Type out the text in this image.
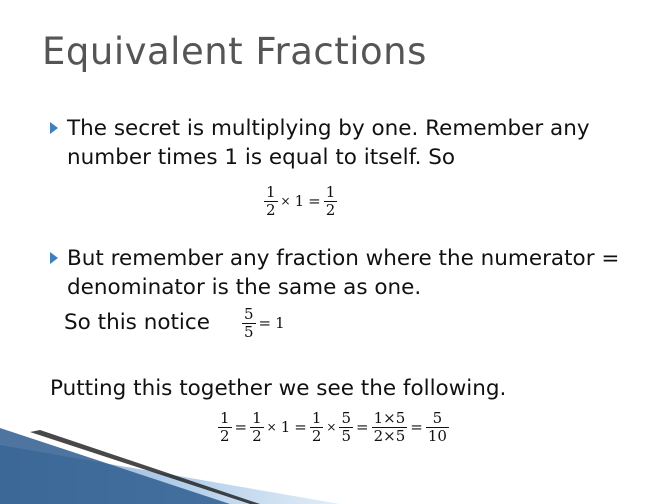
Equivalent Fractions
The secret is multiplying by one. Remember any number times 1 is equal to itself. So
$\frac{1}{2} \times 1 = \frac{1}{2}$
But remember any fraction where the numerator = denominator is the same as one.
So this notice $\frac{5}{5} = 1$
Putting this together we see the following.
$\frac{1}{2} = \frac{1}{2} \times 1 = \frac{1}{2} \times \frac{5}{5} = \frac{1\times 5}{2\times 5} = \frac{5}{10}$
